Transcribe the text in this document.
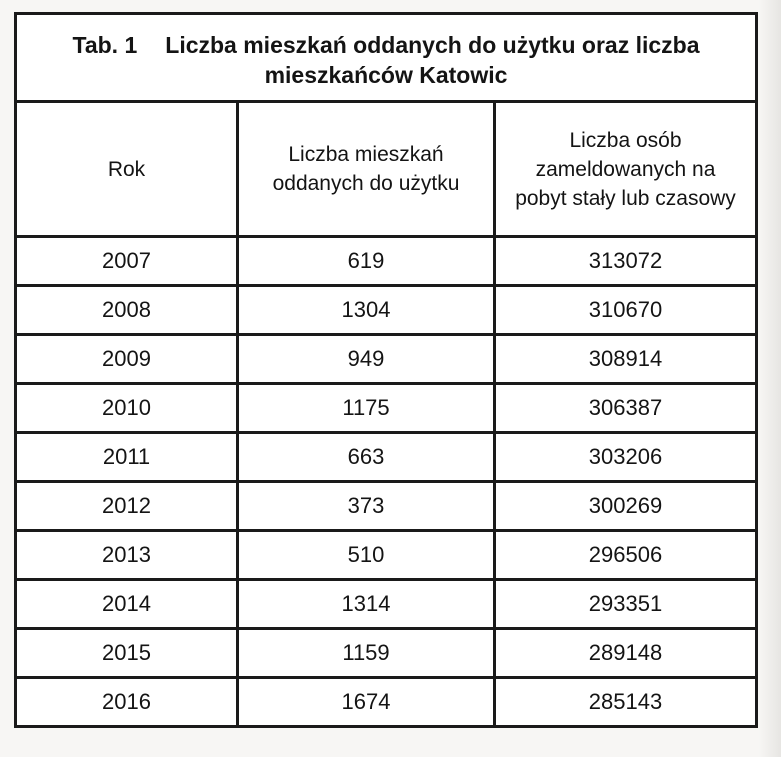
Tab. 1 Liczba mieszkań oddanych do użytku oraz liczba mieszkańców Katowic		

Rok	Liczba mieszkań oddanych do użytku	Liczba osób zameldowanych na pobyt stały lub czasowy
2007	619	313072
2008	1304	310670
2009	949	308914
2010	1175	306387
2011	663	303206
2012	373	300269
2013	510	296506
2014	1314	293351
2015	1159	289148
2016	1674	285143
